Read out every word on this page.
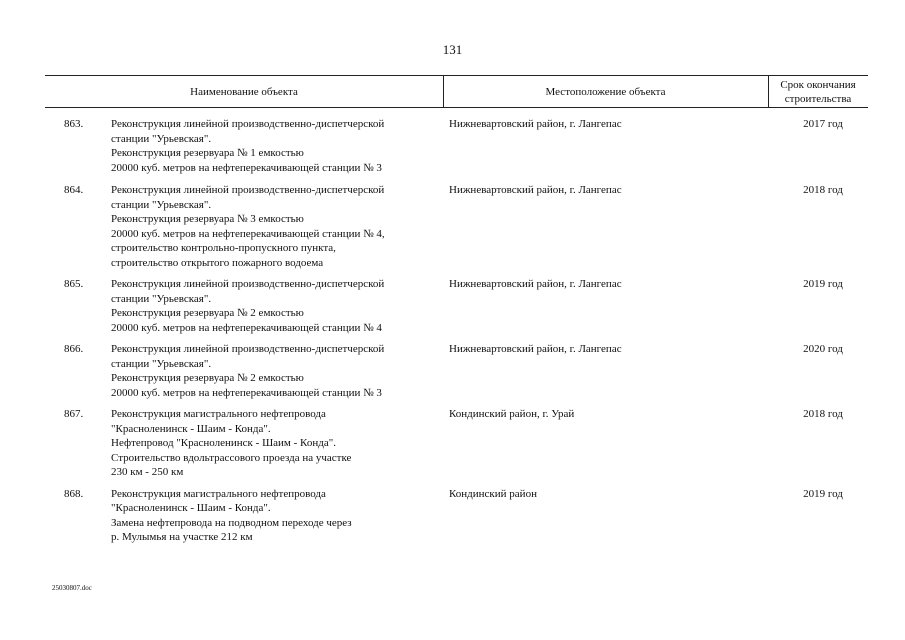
131
Наименование объекта	Местоположение объекта
Срок окончания
строительства
863.	Реконструкция линейной производственно-диспетчерской
станции "Урьевская".
Реконструкция резервуара № 1 емкостью
20000 куб. метров на нефтеперекачивающей станции № 3
Нижневартовский район, г. Лангепас	2017 год
864.	Реконструкция линейной производственно-диспетчерской
станции "Урьевская".
Реконструкция резервуара № 3 емкостью
20000 куб. метров на нефтеперекачивающей станции № 4,
строительство контрольно-пропускного пункта,
строительство открытого пожарного водоема
Нижневартовский район, г. Лангепас	2018 год
865.	Реконструкция линейной производственно-диспетчерской
станции "Урьевская".
Реконструкция резервуара № 2 емкостью
20000 куб. метров на нефтеперекачивающей станции № 4
Нижневартовский район, г. Лангепас	2019 год
866.	Реконструкция линейной производственно-диспетчерской
станции "Урьевская".
Реконструкция резервуара № 2 емкостью
20000 куб. метров на нефтеперекачивающей станции № 3
Нижневартовский район, г. Лангепас	2020 год
867.	Реконструкция магистрального нефтепровода
"Красноленинск - Шаим - Конда".
Нефтепровод "Красноленинск - Шаим - Конда".
Строительство вдольтрассового проезда на участке
230 км - 250 км
Кондинский район, г. Урай	2018 год
868.	Реконструкция магистрального нефтепровода
"Красноленинск - Шаим - Конда".
Замена нефтепровода на подводном переходе через
р. Мулымья на участке 212 км
Кондинский район	2019 год
25030807.doc
